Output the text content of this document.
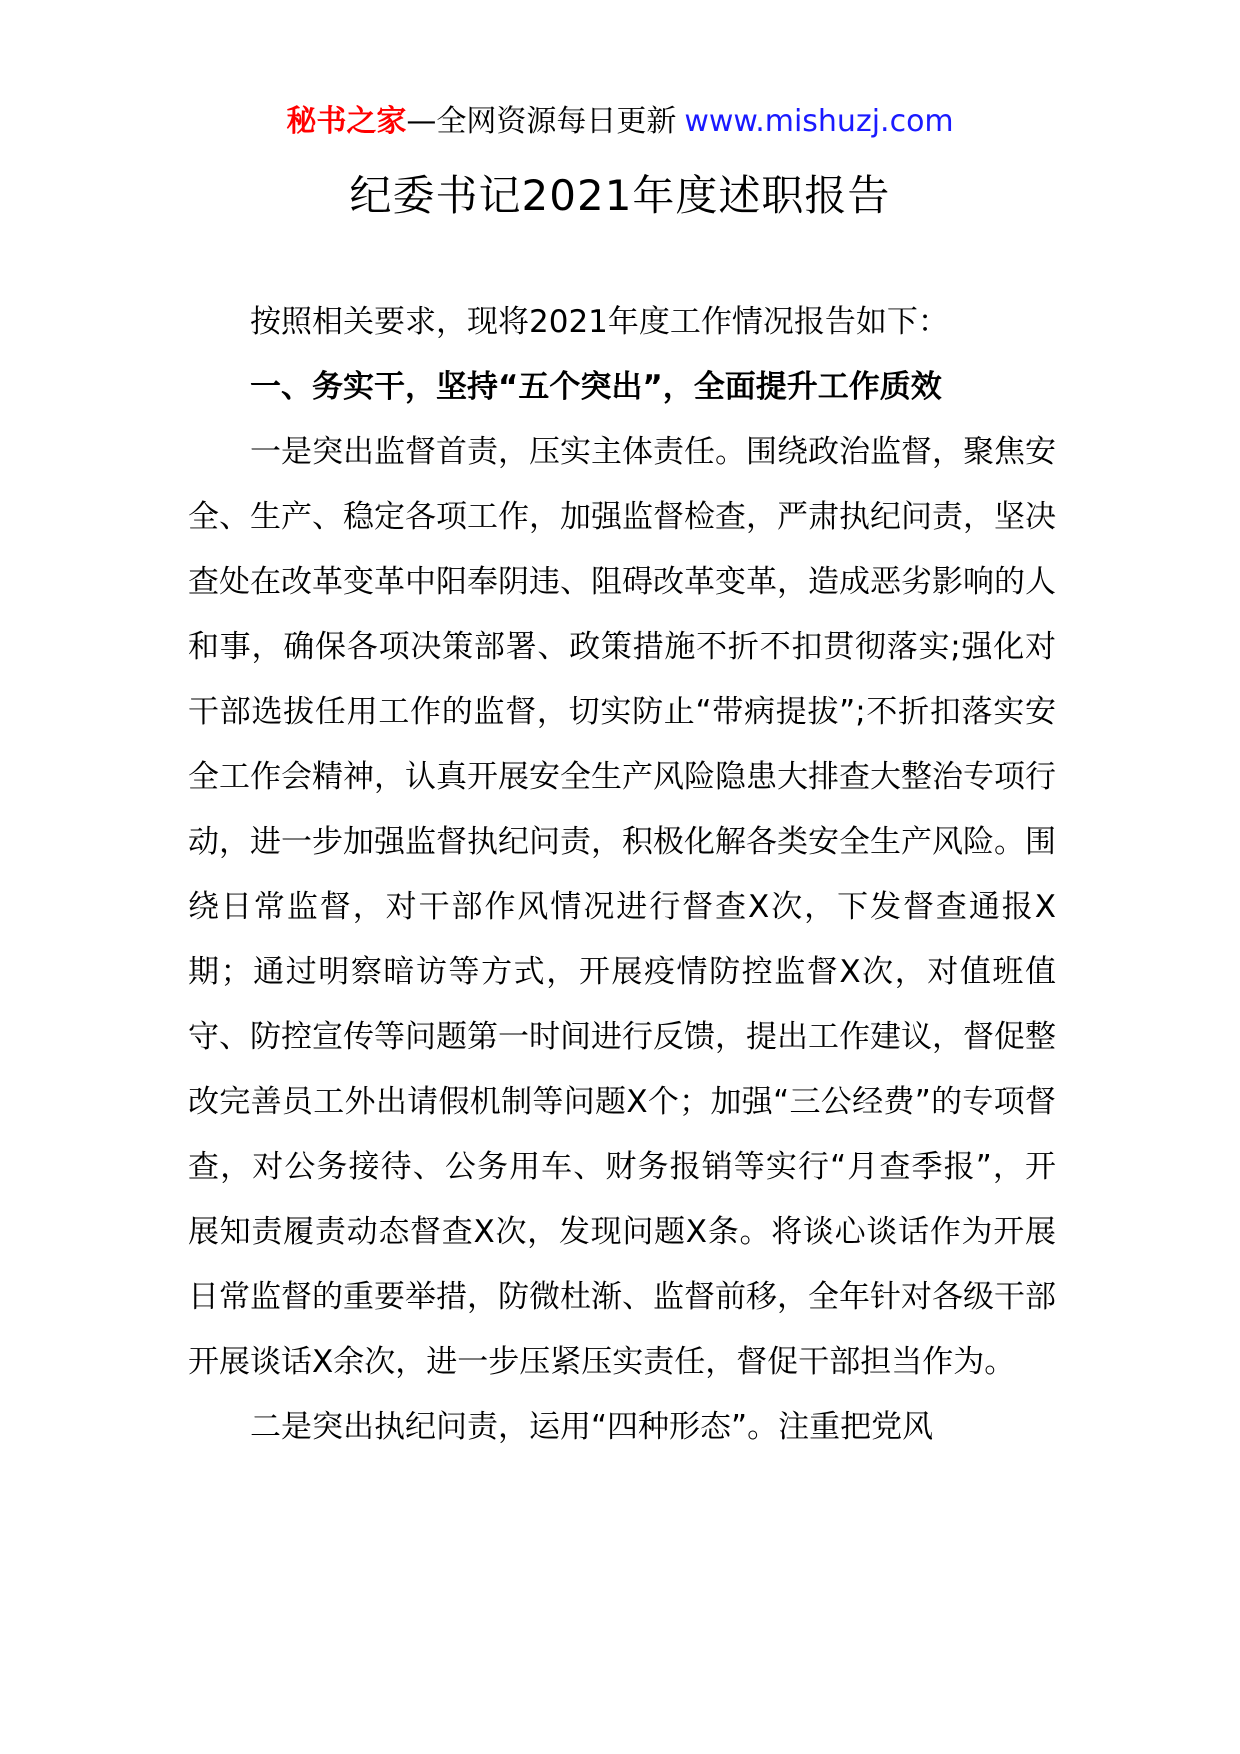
秘书之家—全网资源每日更新 www.mishuzj.com
纪委书记2021年度述职报告

按照相关要求，现将2021年度工作情况报告如下：

一、务实干，坚持“五个突出”，全面提升工作质效

一是突出监督首责，压实主体责任。围绕政治监督，聚焦安全、生产、稳定各项工作，加强监督检查，严肃执纪问责，坚决查处在改革变革中阳奉阴违、阻碍改革变革，造成恶劣影响的人和事，确保各项决策部署、政策措施不折不扣贯彻落实;强化对干部选拔任用工作的监督，切实防止“带病提拔”;不折扣落实安全工作会精神，认真开展安全生产风险隐患大排查大整治专项行动，进一步加强监督执纪问责，积极化解各类安全生产风险。围绕日常监督，对干部作风情况进行督查X次，下发督查通报X期；通过明察暗访等方式，开展疫情防控监督X次，对值班值守、防控宣传等问题第一时间进行反馈，提出工作建议，督促整改完善员工外出请假机制等问题X个；加强“三公经费”的专项督查，对公务接待、公务用车、财务报销等实行“月查季报”，开展知责履责动态督查X次，发现问题X条。将谈心谈话作为开展日常监督的重要举措，防微杜渐、监督前移，全年针对各级干部开展谈话X余次，进一步压紧压实责任，督促干部担当作为。

二是突出执纪问责，运用“四种形态”。注重把党风
